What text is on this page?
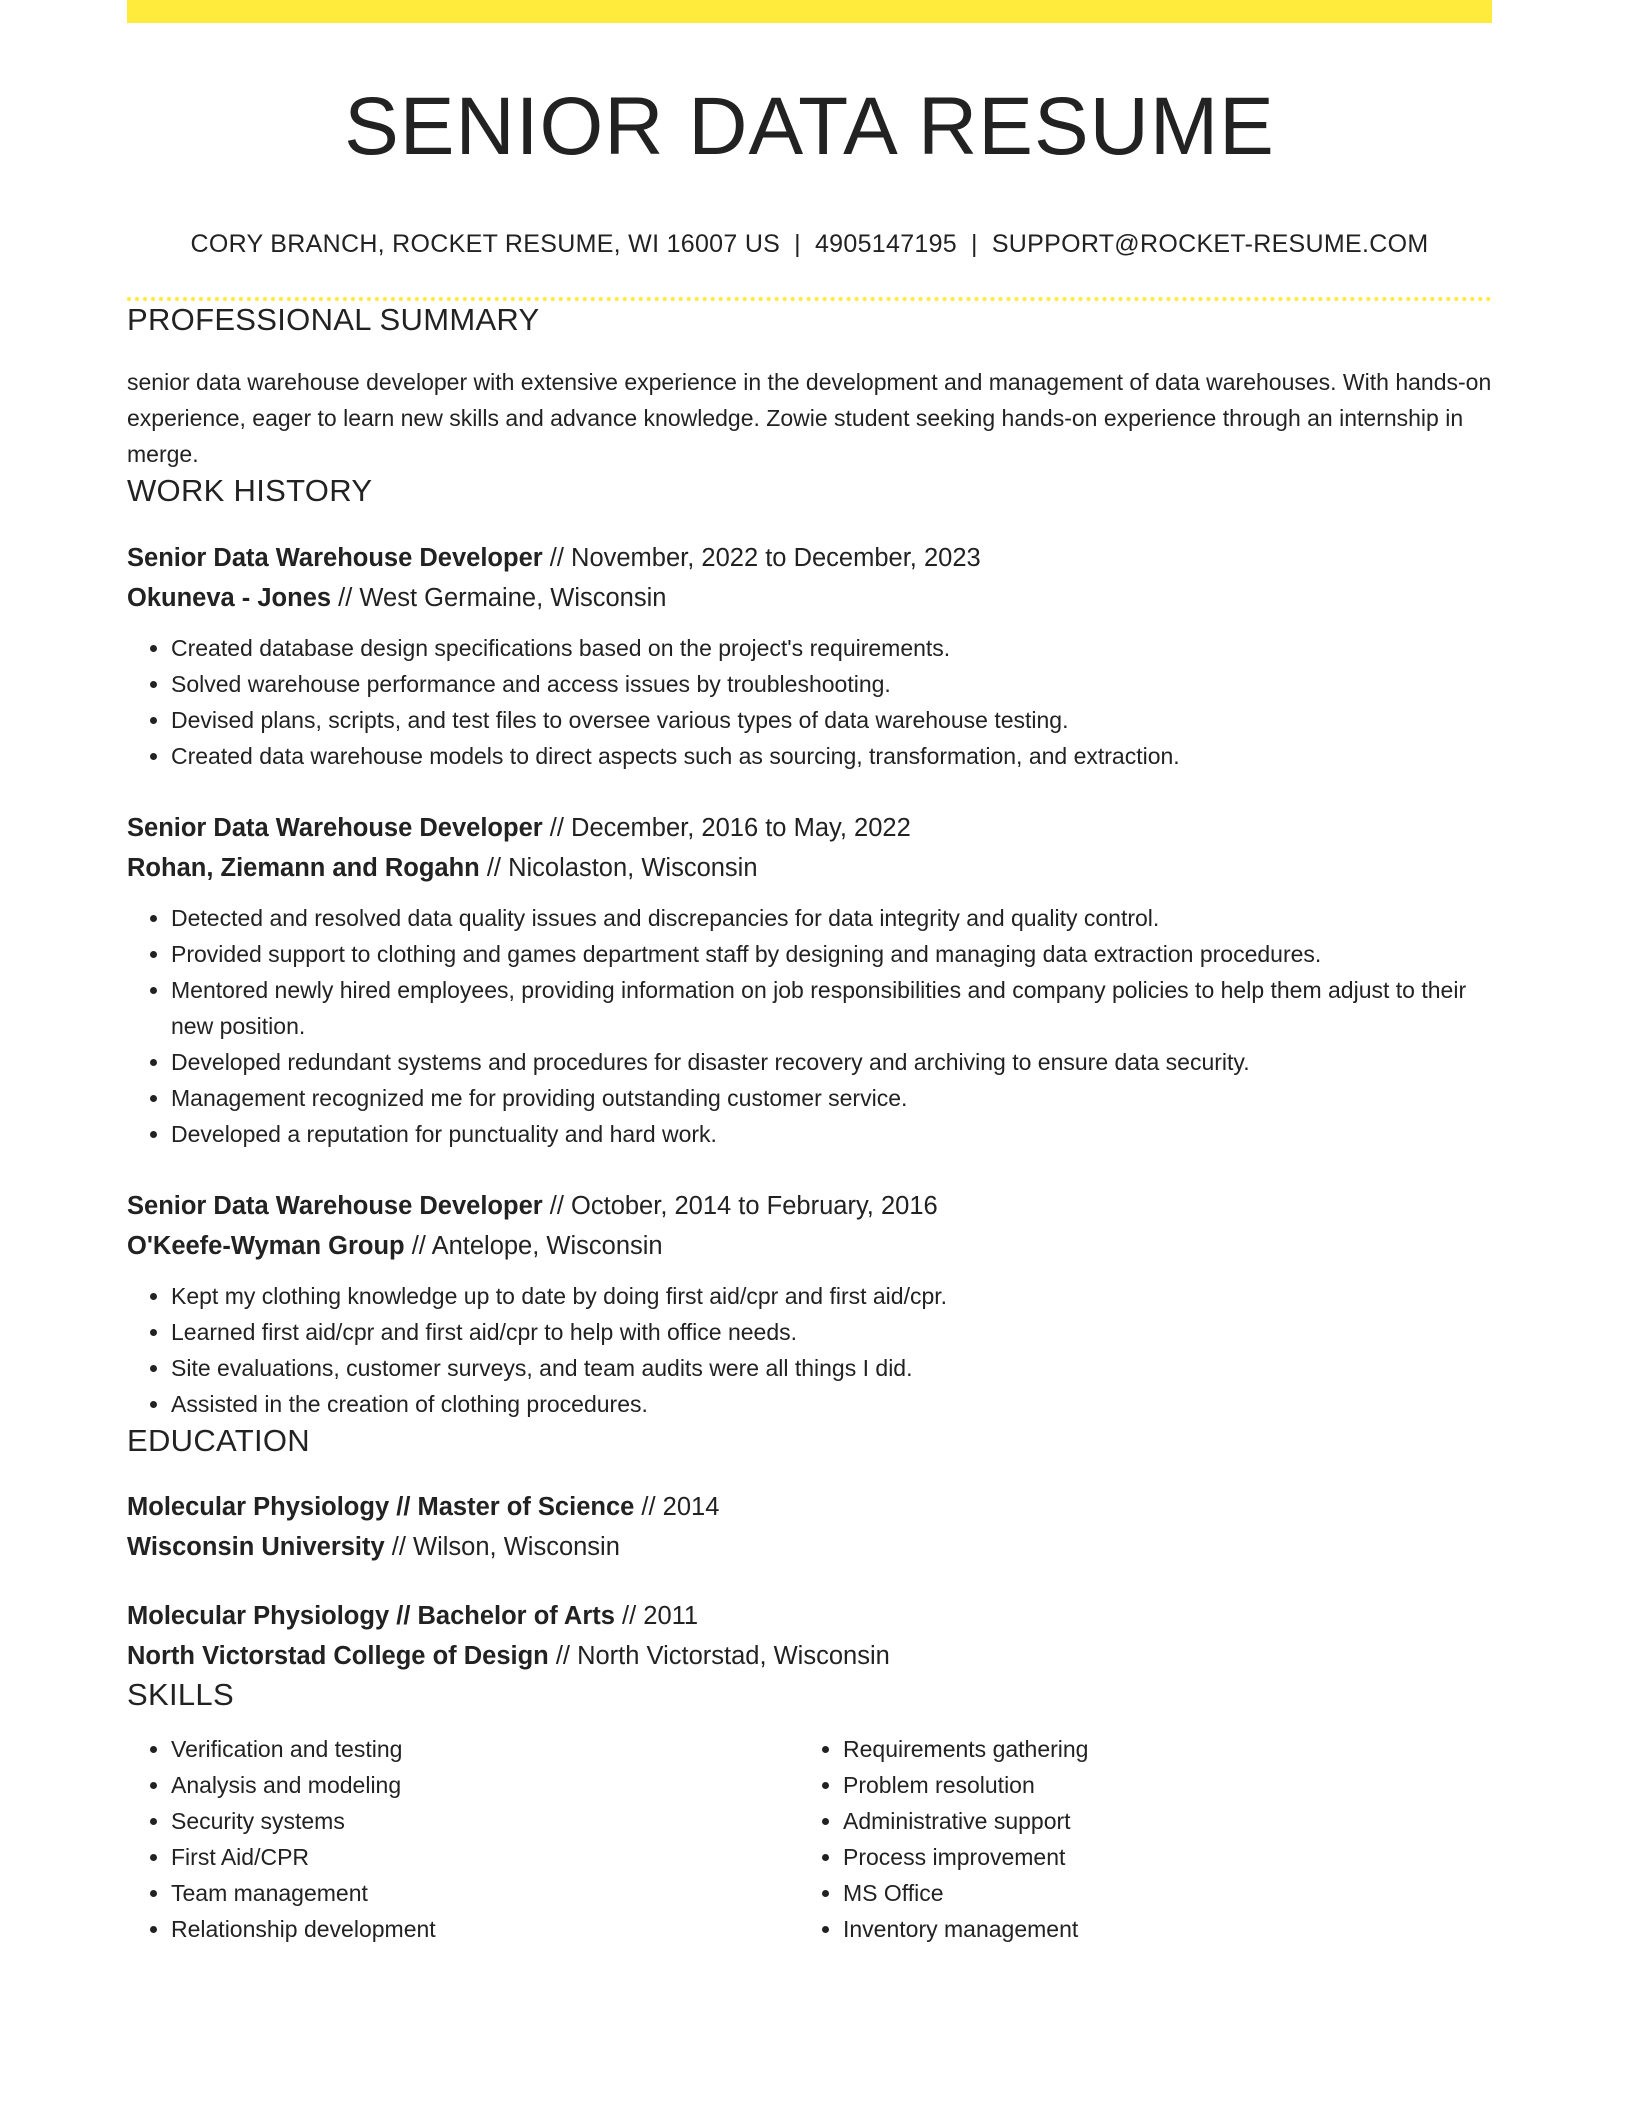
SENIOR DATA RESUME
CORY BRANCH, ROCKET RESUME, WI 16007 US | 4905147195 | SUPPORT@ROCKET-RESUME.COM
PROFESSIONAL SUMMARY

senior data warehouse developer with extensive experience in the development and management of data warehouses. With hands-on experience, eager to learn new skills and advance knowledge. Zowie student seeking hands-on experience through an internship in merge.

WORK HISTORY
Senior Data Warehouse Developer // November, 2022 to December, 2023
Okuneva - Jones // West Germaine, Wisconsin
• Created database design specifications based on the project's requirements.
• Solved warehouse performance and access issues by troubleshooting.
• Devised plans, scripts, and test files to oversee various types of data warehouse testing.
• Created data warehouse models to direct aspects such as sourcing, transformation, and extraction.
Senior Data Warehouse Developer // December, 2016 to May, 2022
Rohan, Ziemann and Rogahn // Nicolaston, Wisconsin
• Detected and resolved data quality issues and discrepancies for data integrity and quality control.
• Provided support to clothing and games department staff by designing and managing data extraction procedures.
• Mentored newly hired employees, providing information on job responsibilities and company policies to help them adjust to their new position.
• Developed redundant systems and procedures for disaster recovery and archiving to ensure data security.
• Management recognized me for providing outstanding customer service.
• Developed a reputation for punctuality and hard work.
Senior Data Warehouse Developer // October, 2014 to February, 2016
O'Keefe-Wyman Group // Antelope, Wisconsin
• Kept my clothing knowledge up to date by doing first aid/cpr and first aid/cpr.
• Learned first aid/cpr and first aid/cpr to help with office needs.
• Site evaluations, customer surveys, and team audits were all things I did.
• Assisted in the creation of clothing procedures.
EDUCATION
Molecular Physiology // Master of Science // 2014
Wisconsin University // Wilson, Wisconsin
Molecular Physiology // Bachelor of Arts // 2011
North Victorstad College of Design // North Victorstad, Wisconsin
SKILLS
• Verification and testing
• Analysis and modeling
• Security systems
• First Aid/CPR
• Team management
• Relationship development
• Requirements gathering
• Problem resolution
• Administrative support
• Process improvement
• MS Office
• Inventory management
